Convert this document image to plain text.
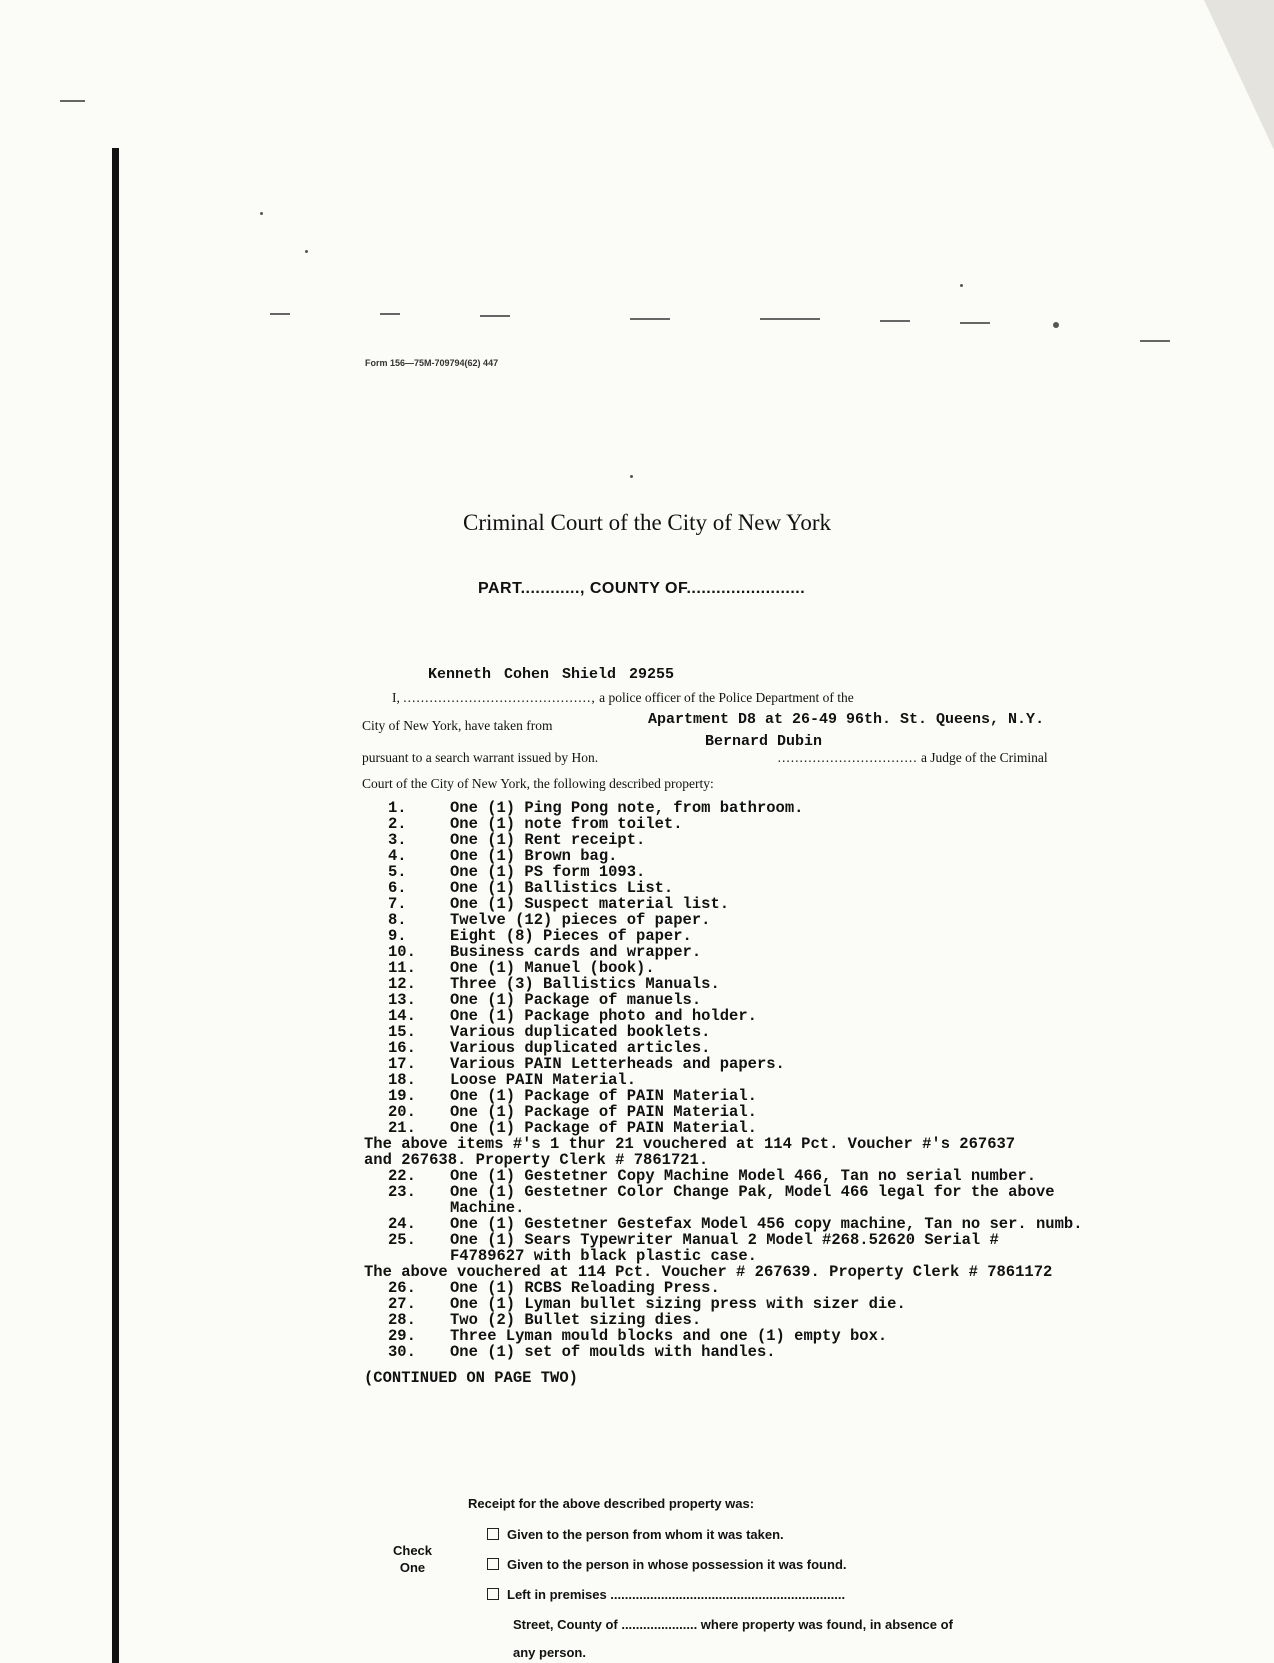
Form 156—75M-709794(62) 447
Criminal Court of the City of New York
PART............, COUNTY OF........................
Kenneth Cohen Shield 29255
I, ..........................................., a police officer of the Police Department of the
City of New York, have taken from	Apartment D8 at 26-49 96th. St. Queens, N.Y.
Bernard Dubin
pursuant to a search warrant issued by Hon.	................................ a Judge of the Criminal
Court of the City of New York, the following described property:
1.	One (1) Ping Pong note, from bathroom.
2.	One (1) note from toilet.
3.	One (1) Rent receipt.
4.	One (1) Brown bag.
5.	One (1) PS form 1093.
6.	One (1) Ballistics List.
7.	One (1) Suspect material list.
8.	Twelve (12) pieces of paper.
9.	Eight (8) Pieces of paper.
10.	Business cards and wrapper.
11.	One (1) Manuel (book).
12.	Three (3) Ballistics Manuals.
13.	One (1) Package of manuels.
14.	One (1) Package photo and holder.
15.	Various duplicated booklets.
16.	Various duplicated articles.
17.	Various PAIN Letterheads and papers.
18.	Loose PAIN Material.
19.	One (1) Package of PAIN Material.
20.	One (1) Package of PAIN Material.
21.	One (1) Package of PAIN Material.
The above items #'s 1 thur 21 vouchered at 114 Pct. Voucher #'s 267637
and 267638. Property Clerk # 7861721.
22.	One (1) Gestetner Copy Machine Model 466, Tan no serial number.
23.	One (1) Gestetner Color Change Pak, Model 466 legal for the above
Machine.
24.	One (1) Gestetner Gestefax Model 456 copy machine, Tan no ser. numb.
25.	One (1) Sears Typewriter Manual 2 Model #268.52620 Serial #
F4789627 with black plastic case.
The above vouchered at 114 Pct. Voucher # 267639. Property Clerk # 7861172
26.	One (1) RCBS Reloading Press.
27.	One (1) Lyman bullet sizing press with sizer die.
28.	Two (2) Bullet sizing dies.
29.	Three Lyman mould blocks and one (1) empty box.
30.	One (1) set of moulds with handles.
(CONTINUED ON PAGE TWO)
Receipt for the above described property was:
Check
One
Given to the person from whom it was taken.
Given to the person in whose possession it was found.
Left in premises .................................................................
Street, County of ..................... where property was found, in absence of
any person.
